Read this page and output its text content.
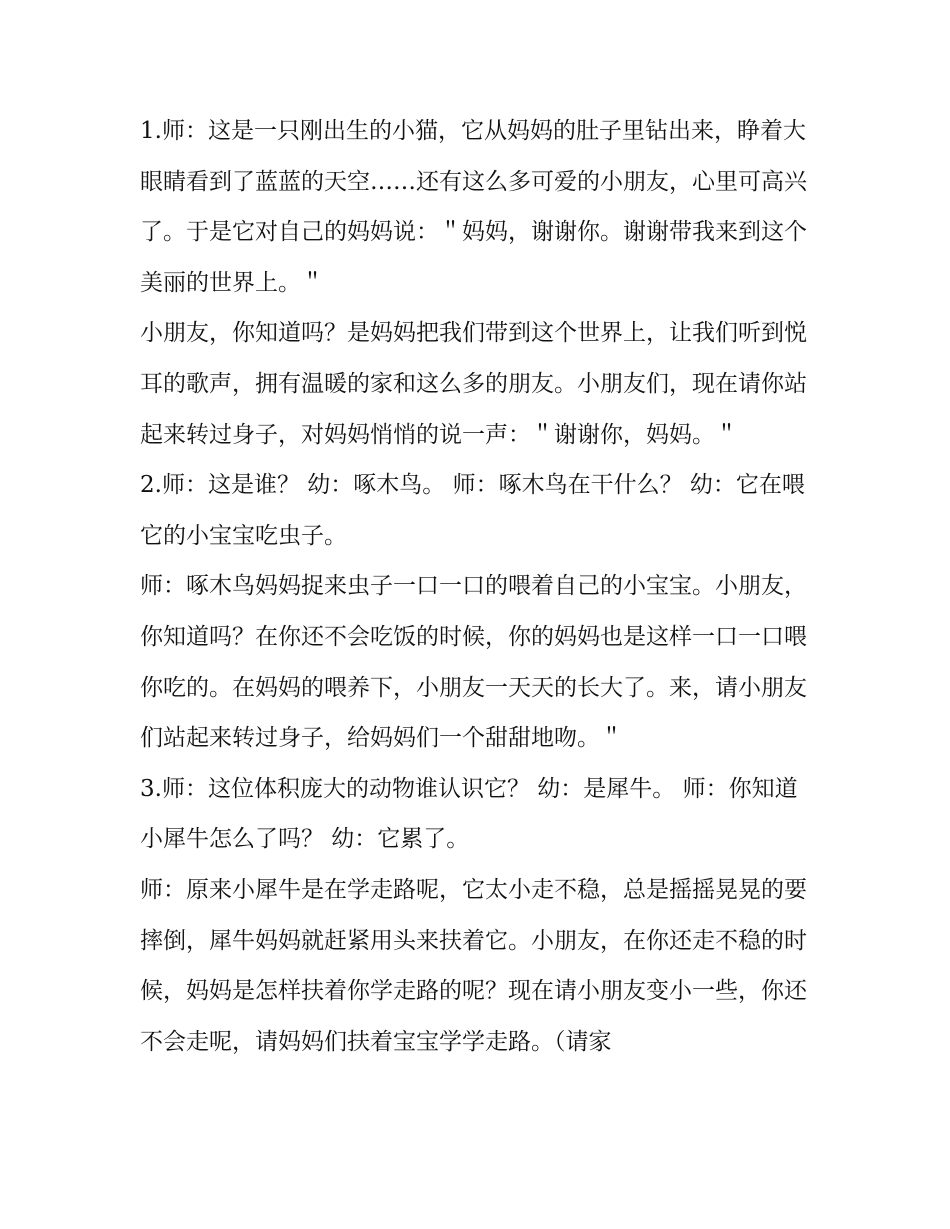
1.师：这是一只刚出生的小猫，它从妈妈的肚子里钻出来，睁着大眼睛看到了蓝蓝的天空……还有这么多可爱的小朋友，心里可高兴了。于是它对自己的妈妈说：＂妈妈，谢谢你。谢谢带我来到这个美丽的世界上。＂

小朋友，你知道吗？是妈妈把我们带到这个世界上，让我们听到悦耳的歌声，拥有温暖的家和这么多的朋友。小朋友们，现在请你站起来转过身子，对妈妈悄悄的说一声：＂谢谢你，妈妈。＂

2.师：这是谁？ 幼：啄木鸟。 师：啄木鸟在干什么？ 幼：它在喂它的小宝宝吃虫子。

师：啄木鸟妈妈捉来虫子一口一口的喂着自己的小宝宝。小朋友，你知道吗？在你还不会吃饭的时候，你的妈妈也是这样一口一口喂你吃的。在妈妈的喂养下，小朋友一天天的长大了。来，请小朋友们站起来转过身子，给妈妈们一个甜甜地吻。＂

3.师：这位体积庞大的动物谁认识它？ 幼：是犀牛。 师：你知道小犀牛怎么了吗？ 幼：它累了。

师：原来小犀牛是在学走路呢，它太小走不稳，总是摇摇晃晃的要摔倒，犀牛妈妈就赶紧用头来扶着它。小朋友，在你还走不稳的时候，妈妈是怎样扶着你学走路的呢？现在请小朋友变小一些，你还不会走呢，请妈妈们扶着宝宝学学走路。（请家
